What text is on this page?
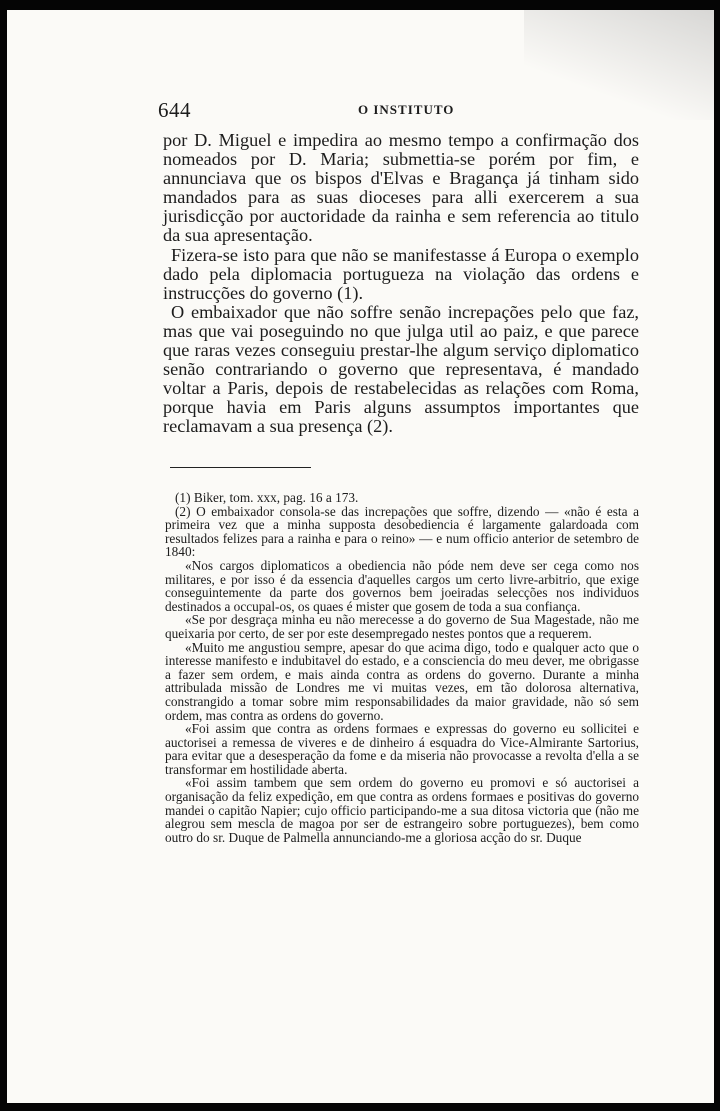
644	O INSTITUTO

por D. Miguel e impedira ao mesmo tempo a confirmação dos nomeados por D. Maria; submettia-se porém por fim, e annunciava que os bispos d'Elvas e Bragança já tinham sido mandados para as suas dioceses para alli exercerem a sua jurisdicção por auctoridade da rainha e sem referencia ao titulo da sua apresentação.

Fizera-se isto para que não se manifestasse á Europa o exemplo dado pela diplomacia portugueza na violação das ordens e instrucções do governo (1).

O embaixador que não soffre senão increpações pelo que faz, mas que vai poseguindo no que julga util ao paiz, e que parece que raras vezes conseguiu prestar-lhe algum serviço diplomatico senão contrariando o governo que representava, é mandado voltar a Paris, depois de restabelecidas as relações com Roma, porque havia em Paris alguns assumptos importantes que reclamavam a sua presença (2).

(1) Biker, tom. xxx, pag. 16 a 173.

(2) O embaixador consola-se das increpações que soffre, dizendo — «não é esta a primeira vez que a minha supposta desobediencia é largamente galardoada com resultados felizes para a rainha e para o reino» — e num officio anterior de setembro de 1840:

«Nos cargos diplomaticos a obediencia não póde nem deve ser cega como nos militares, e por isso é da essencia d'aquelles cargos um certo livre-arbitrio, que exige conseguintemente da parte dos governos bem joeiradas selecções nos individuos destinados a occupal-os, os quaes é mister que gosem de toda a sua confiança.

«Se por desgraça minha eu não merecesse a do governo de Sua Magestade, não me queixaria por certo, de ser por este desempregado nestes pontos que a requerem.

«Muito me angustiou sempre, apesar do que acima digo, todo e qualquer acto que o interesse manifesto e indubitavel do estado, e a consciencia do meu dever, me obrigasse a fazer sem ordem, e mais ainda contra as ordens do governo. Durante a minha attribulada missão de Londres me vi muitas vezes, em tão dolorosa alternativa, constrangido a tomar sobre mim responsabilidades da maior gravidade, não só sem ordem, mas contra as ordens do governo.

«Foi assim que contra as ordens formaes e expressas do governo eu sollicitei e auctorisei a remessa de viveres e de dinheiro á esquadra do Vice-Almirante Sartorius, para evitar que a desesperação da fome e da miseria não provocasse a revolta d'ella a se transformar em hostilidade aberta.

«Foi assim tambem que sem ordem do governo eu promovi e só auctorisei a organisação da feliz expedição, em que contra as ordens formaes e positivas do governo mandei o capitão Napier; cujo officio participando-me a sua ditosa victoria que (não me alegrou sem mescla de magoa por ser de estrangeiro sobre portuguezes), bem como outro do sr. Duque de Palmella annunciando-me a gloriosa acção do sr. Duque
